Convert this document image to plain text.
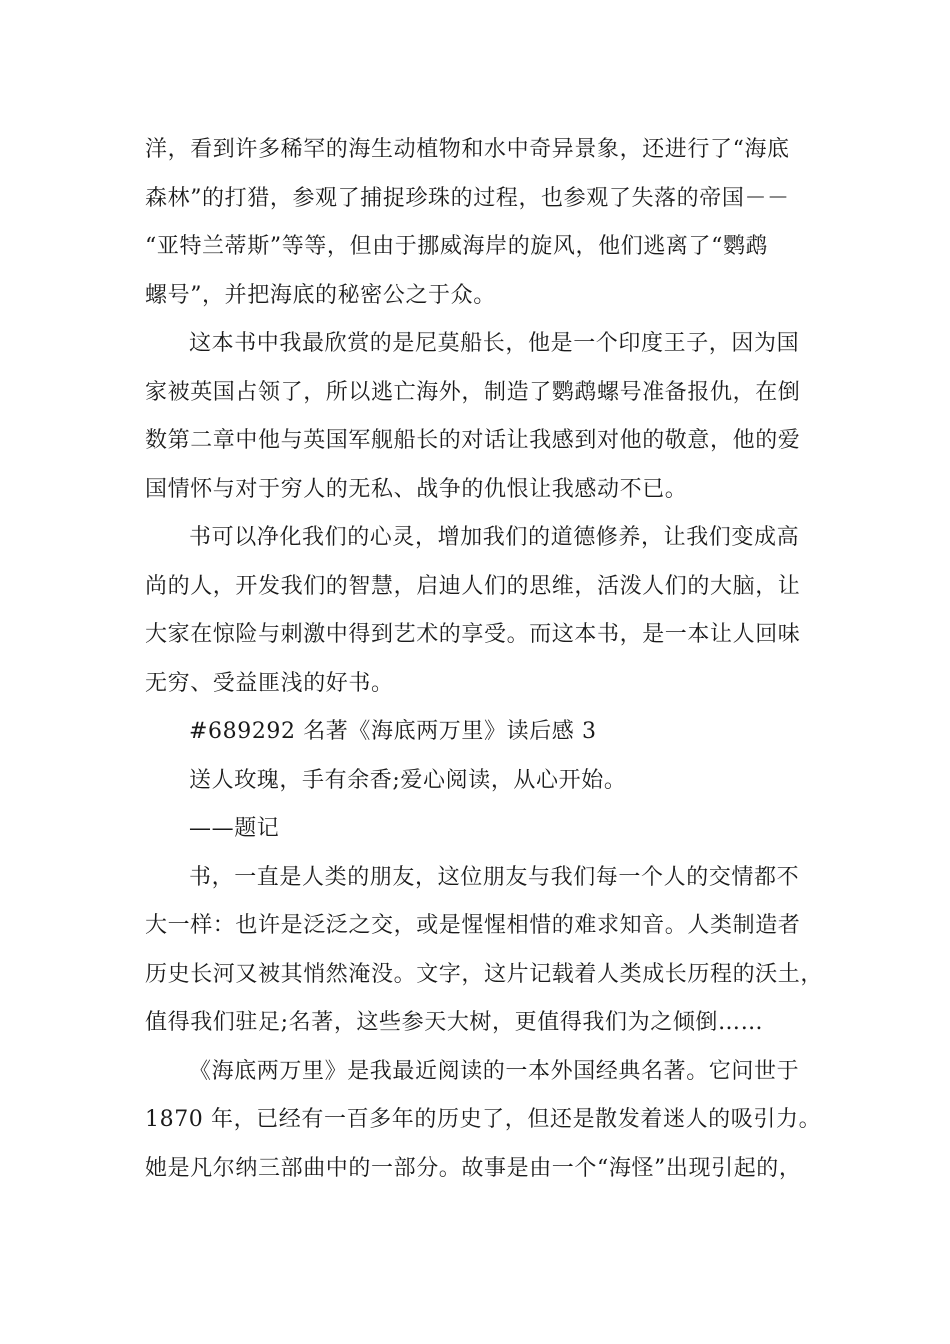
洋，看到许多稀罕的海生动植物和水中奇异景象，还进行了“海底
森林”的打猎，参观了捕捉珍珠的过程，也参观了失落的帝国－－
“亚特兰蒂斯”等等，但由于挪威海岸的旋风，他们逃离了“鹦鹉
螺号”，并把海底的秘密公之于众。
这本书中我最欣赏的是尼莫船长，他是一个印度王子，因为国
家被英国占领了，所以逃亡海外，制造了鹦鹉螺号准备报仇，在倒
数第二章中他与英国军舰船长的对话让我感到对他的敬意，他的爱
国情怀与对于穷人的无私、战争的仇恨让我感动不已。
书可以净化我们的心灵，增加我们的道德修养，让我们变成高
尚的人，开发我们的智慧，启迪人们的思维，活泼人们的大脑，让
大家在惊险与刺激中得到艺术的享受。而这本书，是一本让人回味
无穷、受益匪浅的好书。
#689292 名著《海底两万里》读后感 3
送人玫瑰，手有余香;爱心阅读，从心开始。
——题记
书，一直是人类的朋友，这位朋友与我们每一个人的交情都不
大一样：也许是泛泛之交，或是惺惺相惜的难求知音。人类制造者
历史长河又被其悄然淹没。文字，这片记载着人类成长历程的沃土，
值得我们驻足;名著，这些参天大树，更值得我们为之倾倒……
《海底两万里》是我最近阅读的一本外国经典名著。它问世于
1870 年，已经有一百多年的历史了，但还是散发着迷人的吸引力。
她是凡尔纳三部曲中的一部分。故事是由一个“海怪”出现引起的，
